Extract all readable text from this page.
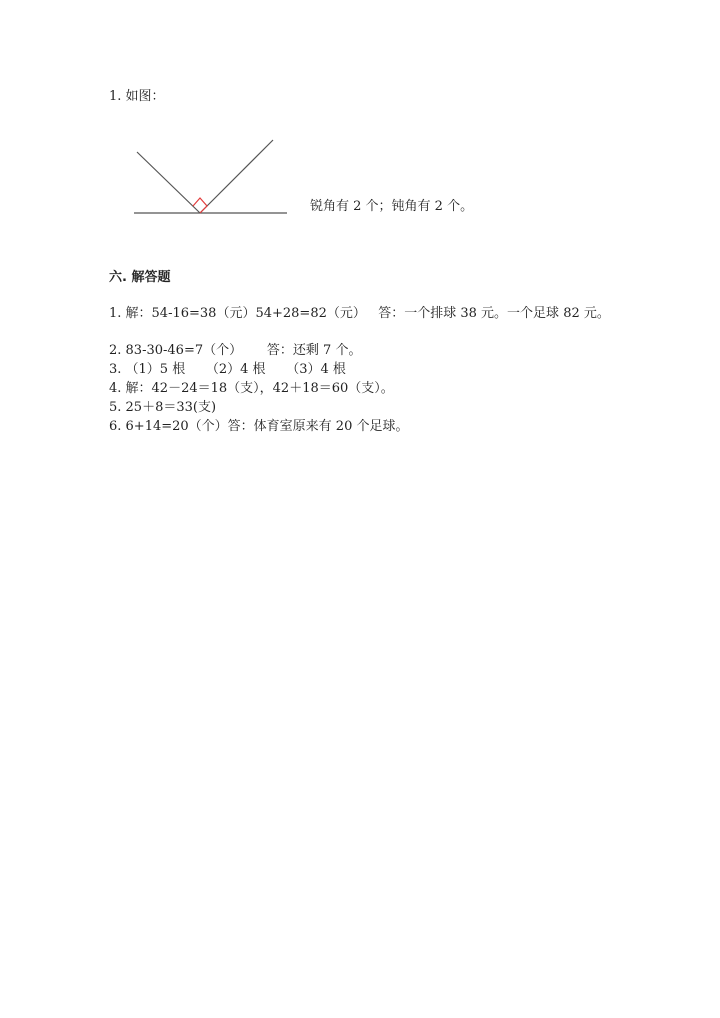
1. 如图：
锐角有 2 个；钝角有 2 个。
六. 解答题
1. 解：54-16=38（元）54+28=82（元）   答：一个排球 38 元。一个足球 82 元。
2. 83-30-46=7（个）      答：还剩 7 个。
3. （1）5 根     （2）4 根     （3）4 根
4. 解：42－24＝18（支），42＋18＝60（支）。
5. 25＋8＝33(支)
6. 6+14=20（个）答：体育室原来有 20 个足球。
